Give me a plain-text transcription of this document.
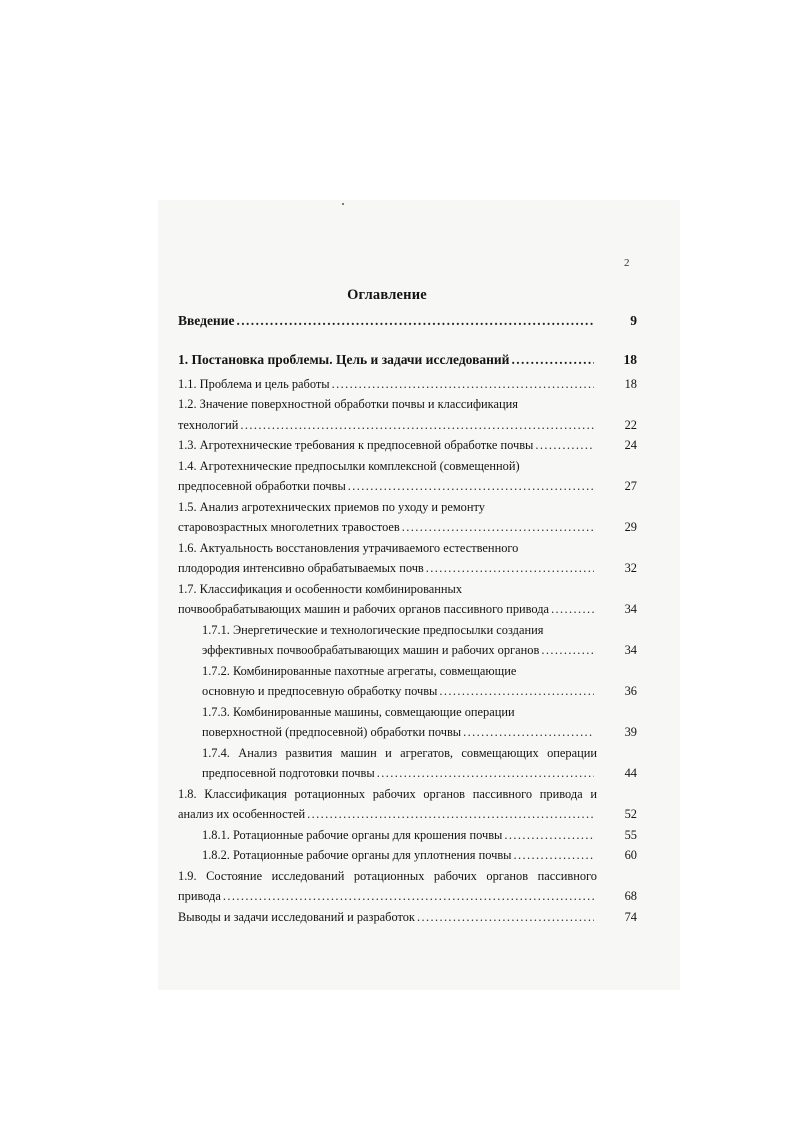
2
Оглавление
Введение .....	9
1. Постановка проблемы. Цель и задачи исследований .....	18
1.1. Проблема и цель работы .....	18
1.2. Значение поверхностной обработки почвы и классификация
технологий .....	22
1.3. Агротехнические требования к предпосевной обработке почвы .....	24
1.4. Агротехнические предпосылки комплексной (совмещенной)
предпосевной обработки почвы .....	27
1.5. Анализ агротехнических приемов по уходу и ремонту
старовозрастных многолетних травостоев .....	29
1.6. Актуальность восстановления утрачиваемого естественного
плодородия интенсивно обрабатываемых почв .....	32
1.7. Классификация и особенности комбинированных
почвообрабатывающих машин и рабочих органов пассивного привода .....	34
1.7.1. Энергетические и технологические предпосылки создания
эффективных почвообрабатывающих машин и рабочих органов .....	34
1.7.2. Комбинированные пахотные агрегаты, совмещающие
основную и предпосевную обработку почвы .....	36
1.7.3. Комбинированные машины, совмещающие операции
поверхностной (предпосевной) обработки почвы .....	39
1.7.4. Анализ развития машин и агрегатов, совмещающих операции
предпосевной подготовки почвы .....	44
1.8. Классификация ротационных рабочих органов пассивного привода и
анализ их особенностей .....	52
1.8.1. Ротационные рабочие органы для крошения почвы .....	55
1.8.2. Ротационные рабочие органы для уплотнения почвы .....	60
1.9. Состояние исследований ротационных рабочих органов пассивного
привода .....	68
Выводы и задачи исследований и разработок .....	74
